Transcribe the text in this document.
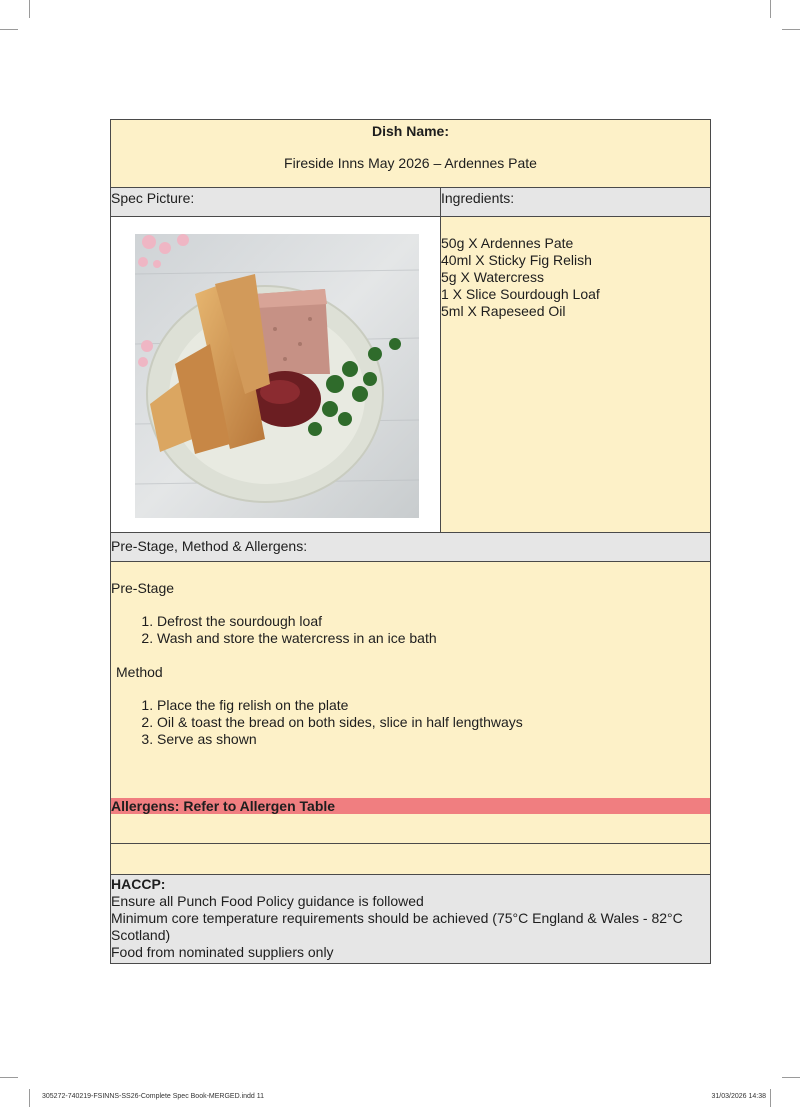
Dish Name:
Fireside Inns May 2026 – Ardennes Pate
Spec Picture:	Ingredients:
50g X Ardennes Pate
40ml X Sticky Fig Relish
5g X Watercress
1 X Slice Sourdough Loaf
5ml X Rapeseed Oil
Pre-Stage, Method & Allergens:
Pre-Stage
1. Defrost the sourdough loaf
2. Wash and store the watercress in an ice bath
Method
1. Place the fig relish on the plate
2. Oil & toast the bread on both sides, slice in half lengthways
3. Serve as shown
Allergens: Refer to Allergen Table
HACCP:
Ensure all Punch Food Policy guidance is followed
Minimum core temperature requirements should be achieved (75°C England & Wales - 82°C Scotland)
Food from nominated suppliers only
305272-740219-FSINNS-SS26-Complete Spec Book-MERGED.indd 11	31/03/2026 14:38
